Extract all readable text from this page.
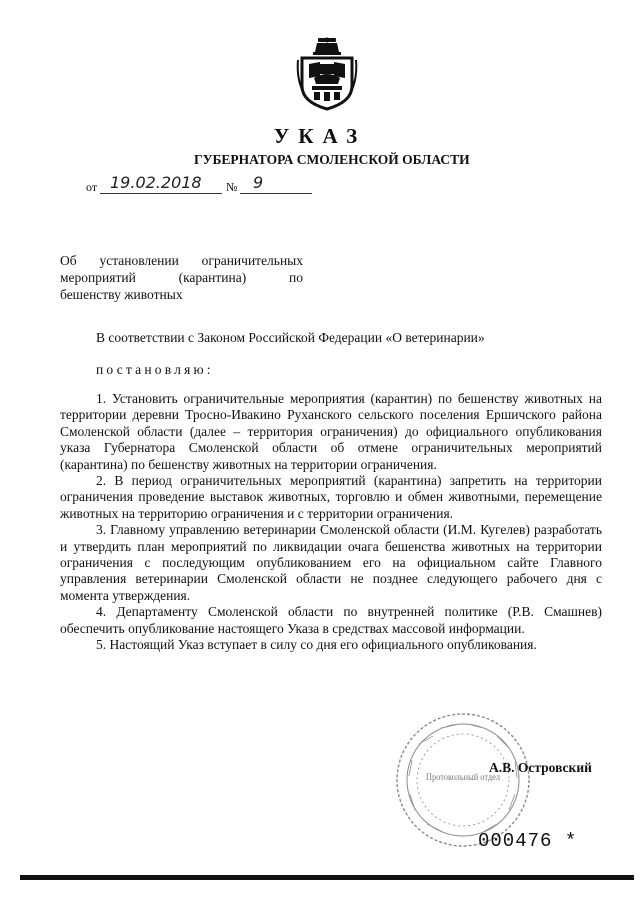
УКАЗ
ГУБЕРНАТОРА СМОЛЕНСКОЙ ОБЛАСТИ
от 19.02.2018 № 9
Об установлении ограничительных
мероприятий (карантина) по
бешенству животных
В соответствии с Законом Российской Федерации «О ветеринарии»
постановляю:

1. Установить ограничительные мероприятия (карантин) по бешенству животных на территории деревни Тросно-Ивакино Руханского сельского поселения Ершичского района Смоленской области (далее – территория ограничения) до официального опубликования указа Губернатора Смоленской области об отмене ограничительных мероприятий (карантина) по бешенству животных на территории ограничения.

2. В период ограничительных мероприятий (карантина) запретить на территории ограничения проведение выставок животных, торговлю и обмен животными, перемещение животных на территорию ограничения и с территории ограничения.

3. Главному управлению ветеринарии Смоленской области (И.М. Кугелев) разработать и утвердить план мероприятий по ликвидации очага бешенства животных на территории ограничения с последующим опубликованием его на официальном сайте Главного управления ветеринарии Смоленской области не позднее следующего рабочего дня с момента утверждения.

4. Департаменту Смоленской области по внутренней политике (Р.В. Смашнев) обеспечить опубликование настоящего Указа в средствах массовой информации.

5. Настоящий Указ вступает в силу со дня его официального опубликования.

Протокольный отдел
А.В. Островский
000476 *
